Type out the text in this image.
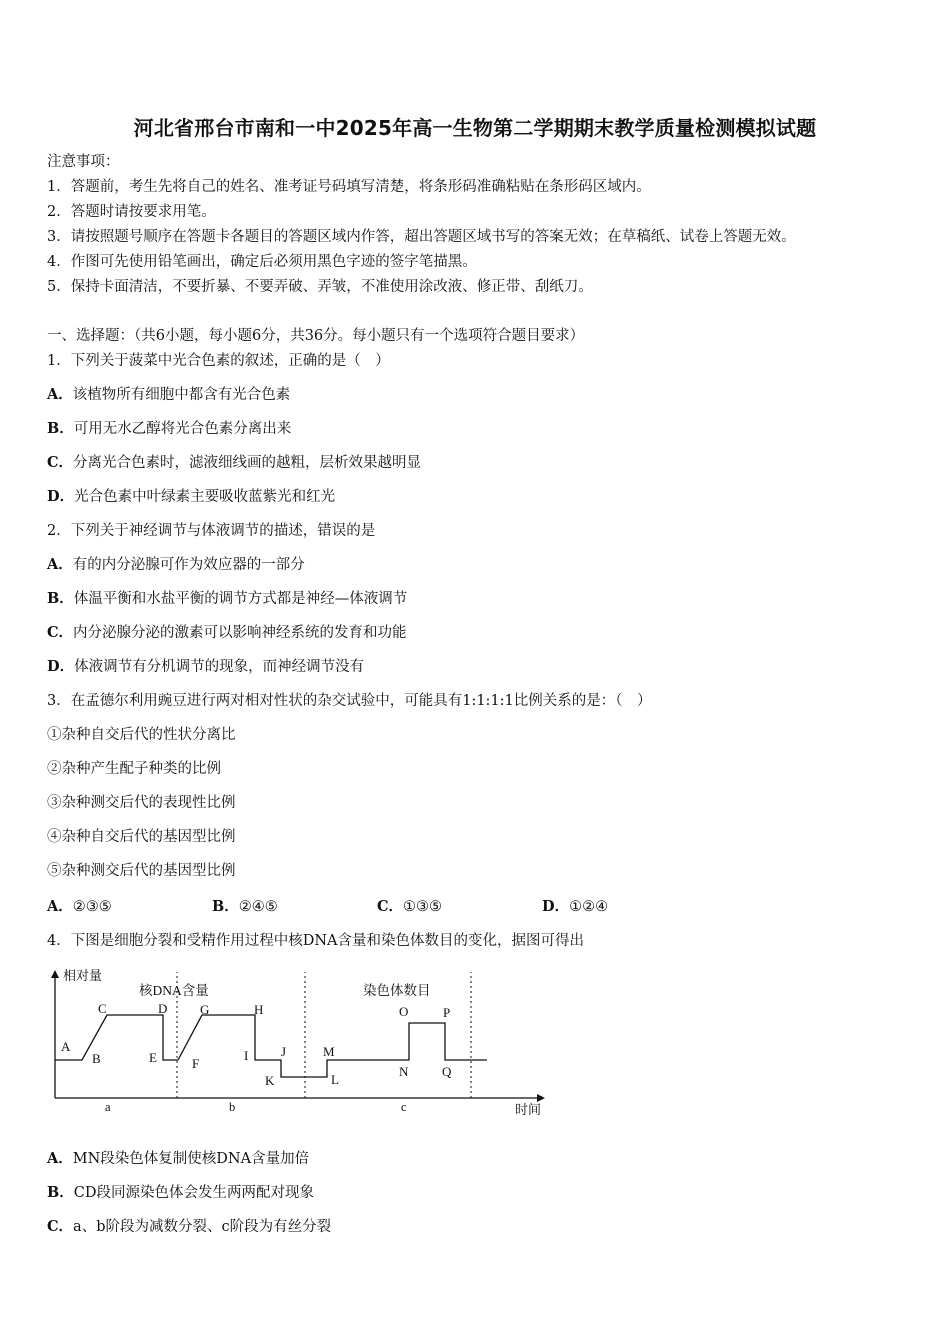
河北省邢台市南和一中2025年高一生物第二学期期末教学质量检测模拟试题
注意事项：
1．答题前，考生先将自己的姓名、准考证号码填写清楚，将条形码准确粘贴在条形码区域内。
2．答题时请按要求用笔。
3．请按照题号顺序在答题卡各题目的答题区域内作答，超出答题区域书写的答案无效；在草稿纸、试卷上答题无效。
4．作图可先使用铅笔画出，确定后必须用黑色字迹的签字笔描黑。
5．保持卡面清洁，不要折暴、不要弄破、弄皱，不准使用涂改液、修正带、刮纸刀。
一、选择题：（共6小题，每小题6分，共36分。每小题只有一个选项符合题目要求）
1．下列关于菠菜中光合色素的叙述，正确的是（　）
A．该植物所有细胞中都含有光合色素
B．可用无水乙醇将光合色素分离出来
C．分离光合色素时，滤液细线画的越粗，层析效果越明显
D．光合色素中叶绿素主要吸收蓝紫光和红光
2．下列关于神经调节与体液调节的描述，错误的是
A．有的内分泌腺可作为效应器的一部分
B．体温平衡和水盐平衡的调节方式都是神经—体液调节
C．内分泌腺分泌的激素可以影响神经系统的发育和功能
D．体液调节有分机调节的现象，而神经调节没有
3．在孟德尔利用豌豆进行两对相对性状的杂交试验中，可能具有1:1:1:1比例关系的是：（　）
①杂种自交后代的性状分离比
②杂种产生配子种类的比例
③杂种测交后代的表现性比例
④杂种自交后代的基因型比例
⑤杂种测交后代的基因型比例
A．②③⑤	B．②④⑤	C．①③⑤	D．①②④
4．下图是细胞分裂和受精作用过程中核DNA含量和染色体数目的变化，据图可得出
相对量
时间
核DNA含量	染色体数目
A
B
C	D
E	F
G	H
I	J
K	L
M
N
O	P
Q
a	b	c
A．MN段染色体复制使核DNA含量加倍
B．CD段同源染色体会发生两两配对现象
C．a、b阶段为减数分裂、c阶段为有丝分裂
